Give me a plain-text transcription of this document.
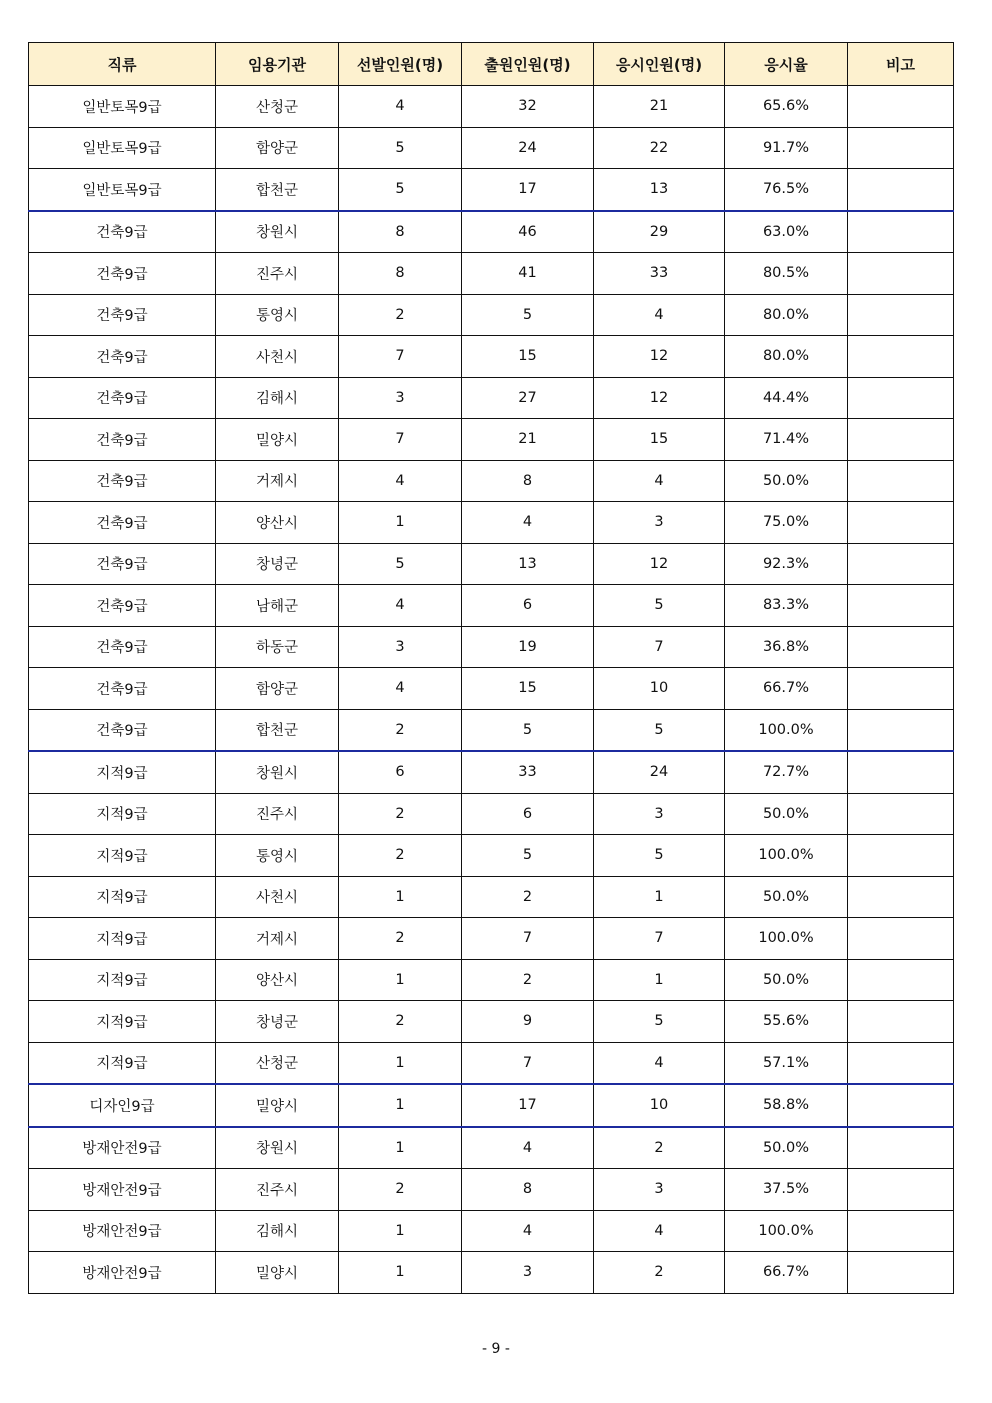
직류	임용기관	선발인원(명)	출원인원(명)	응시인원(명)	응시율	비고
일반토목9급	산청군	4	32	21	65.6%	
일반토목9급	함양군	5	24	22	91.7%	
일반토목9급	합천군	5	17	13	76.5%	
건축9급	창원시	8	46	29	63.0%	
건축9급	진주시	8	41	33	80.5%	
건축9급	통영시	2	5	4	80.0%	
건축9급	사천시	7	15	12	80.0%	
건축9급	김해시	3	27	12	44.4%	
건축9급	밀양시	7	21	15	71.4%	
건축9급	거제시	4	8	4	50.0%	
건축9급	양산시	1	4	3	75.0%	
건축9급	창녕군	5	13	12	92.3%	
건축9급	남해군	4	6	5	83.3%	
건축9급	하동군	3	19	7	36.8%	
건축9급	함양군	4	15	10	66.7%	
건축9급	합천군	2	5	5	100.0%	
지적9급	창원시	6	33	24	72.7%	
지적9급	진주시	2	6	3	50.0%	
지적9급	통영시	2	5	5	100.0%	
지적9급	사천시	1	2	1	50.0%	
지적9급	거제시	2	7	7	100.0%	
지적9급	양산시	1	2	1	50.0%	
지적9급	창녕군	2	9	5	55.6%	
지적9급	산청군	1	7	4	57.1%	
디자인9급	밀양시	1	17	10	58.8%	
방재안전9급	창원시	1	4	2	50.0%	
방재안전9급	진주시	2	8	3	37.5%	
방재안전9급	김해시	1	4	4	100.0%	
방재안전9급	밀양시	1	3	2	66.7%	
- 9 -
